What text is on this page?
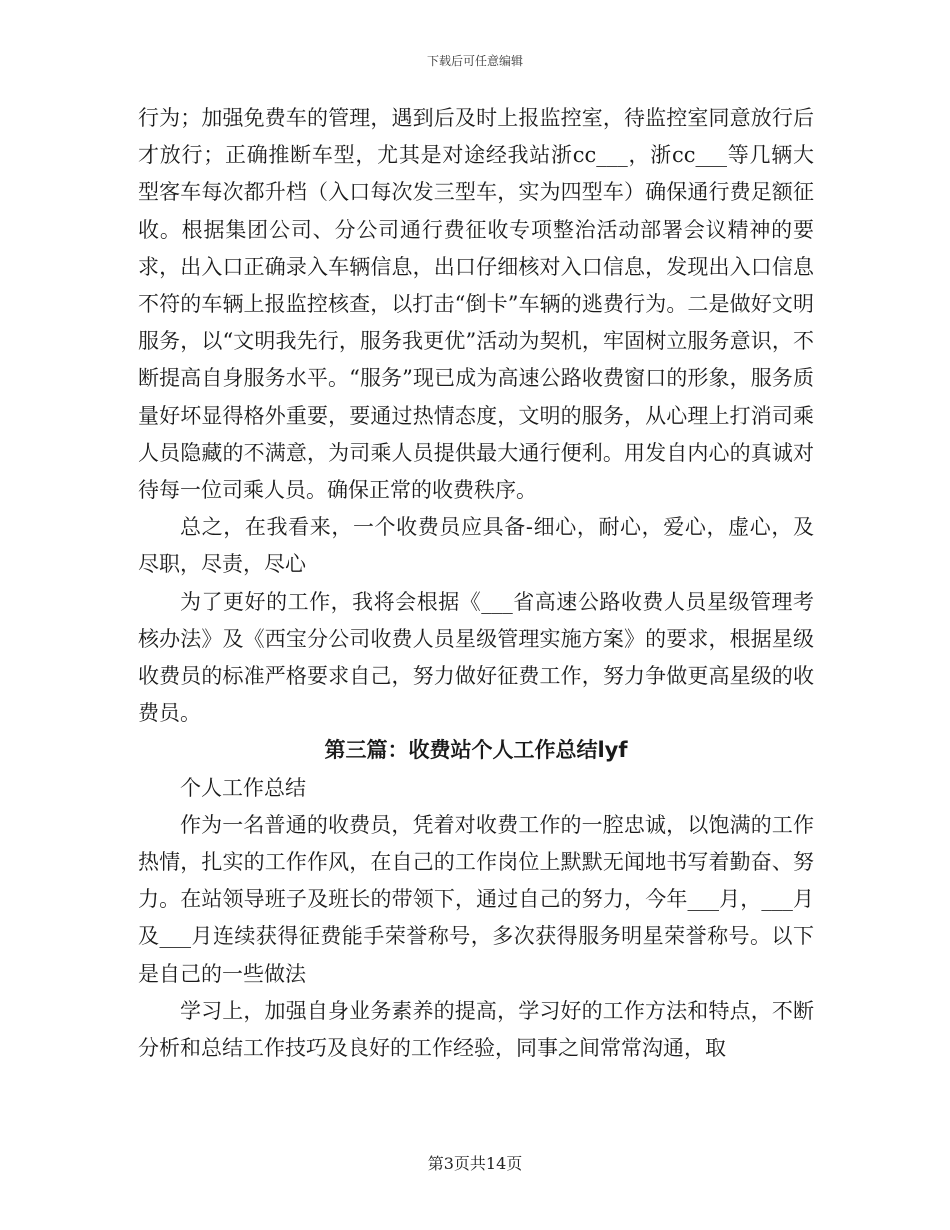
下载后可任意编辑

行为；加强免费车的管理，遇到后及时上报监控室，待监控室同意放行后才放行；正确推断车型，尤其是对途经我站浙cc___，浙cc___等几辆大型客车每次都升档（入口每次发三型车，实为四型车）确保通行费足额征收。根据集团公司、分公司通行费征收专项整治活动部署会议精神的要求，出入口正确录入车辆信息，出口仔细核对入口信息，发现出入口信息不符的车辆上报监控核查，以打击“倒卡”车辆的逃费行为。二是做好文明服务，以“文明我先行，服务我更优”活动为契机，牢固树立服务意识，不断提高自身服务水平。“服务”现已成为高速公路收费窗口的形象，服务质量好坏显得格外重要，要通过热情态度，文明的服务，从心理上打消司乘人员隐藏的不满意，为司乘人员提供最大通行便利。用发自内心的真诚对待每一位司乘人员。确保正常的收费秩序。

总之，在我看来，一个收费员应具备-细心，耐心，爱心，虚心，及尽职，尽责，尽心

为了更好的工作，我将会根据《___省高速公路收费人员星级管理考核办法》及《西宝分公司收费人员星级管理实施方案》的要求，根据星级收费员的标准严格要求自己，努力做好征费工作，努力争做更高星级的收费员。

第三篇：收费站个人工作总结lyf

个人工作总结

作为一名普通的收费员，凭着对收费工作的一腔忠诚，以饱满的工作热情，扎实的工作作风，在自己的工作岗位上默默无闻地书写着勤奋、努力。在站领导班子及班长的带领下，通过自己的努力，今年___月，___月及___月连续获得征费能手荣誉称号，多次获得服务明星荣誉称号。以下是自己的一些做法

学习上，加强自身业务素养的提高，学习好的工作方法和特点，不断分析和总结工作技巧及良好的工作经验，同事之间常常沟通，取

第3页共14页
